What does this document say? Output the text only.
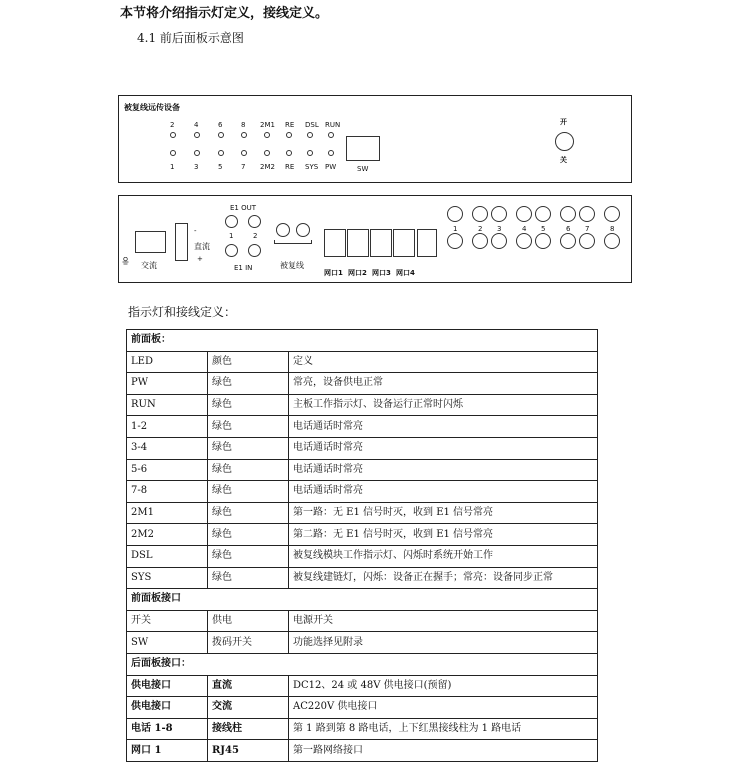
本节将介绍指示灯定义，接线定义。
4.1 前后面板示意图
被复线远传设备
2	4	6	8 2M1 RE DSL RUN
1	3	5	7 2M2 RE SYS PW	SW
开
关
交流
-
直流
+
E1 OUT
1	2
E1 IN	被复线
网口1 网口2 网口3 网口4
1	2 3	4 5	6 7	8
指示灯和接线定义：
前面板：		
LED	颜色	定义
PW	绿色	常亮，设备供电正常
RUN	绿色	主板工作指示灯、设备运行正常时闪烁
1-2	绿色	电话通话时常亮
3-4	绿色	电话通话时常亮
5-6	绿色	电话通话时常亮
7-8	绿色	电话通话时常亮
2M1	绿色	第一路：无 E1 信号时灭，收到 E1 信号常亮
2M2	绿色	第二路：无 E1 信号时灭，收到 E1 信号常亮
DSL	绿色	被复线模块工作指示灯、闪烁时系统开始工作
SYS	绿色	被复线建链灯，闪烁：设备正在握手；常亮：设备同步正常
前面板接口		
开关	供电	电源开关
SW	拨码开关	功能选择见附录
后面板接口：		
供电接口	直流	DC12、24 或 48V 供电接口(预留)
供电接口	交流	AC220V 供电接口
电话 1-8	接线柱	第 1 路到第 8 路电话，上下红黑接线柱为 1 路电话
网口 1	RJ45	第一路网络接口
